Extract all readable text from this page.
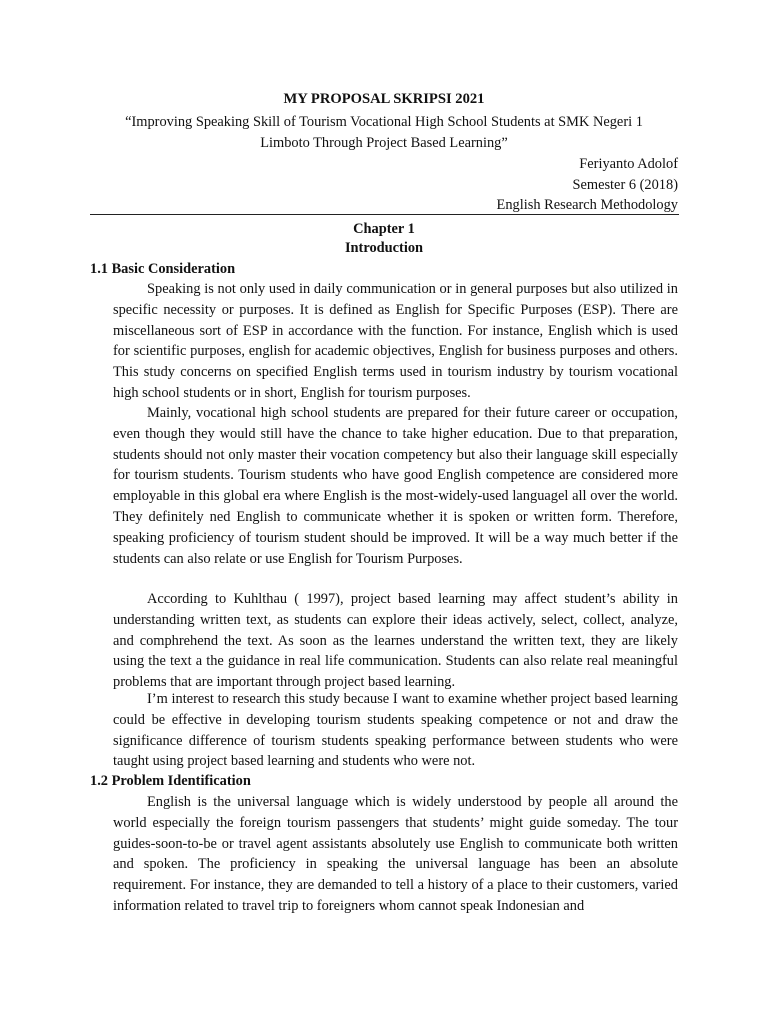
MY PROPOSAL SKRIPSI 2021
“Improving Speaking Skill of Tourism Vocational High School Students at SMK Negeri 1
Limboto Through Project Based Learning”
Feriyanto Adolof
Semester 6 (2018)
English Research Methodology
Chapter 1
Introduction
1.1 Basic Consideration

Speaking is not only used in daily communication or in general purposes but also utilized in specific necessity or purposes. It is defined as English for Specific Purposes (ESP). There are miscellaneous sort of ESP in accordance with the function. For instance, English which is used for scientific purposes, english for academic objectives, English for business purposes and others. This study concerns on specified English terms used in tourism industry by tourism vocational high school students or in short, English for tourism purposes.

Mainly, vocational high school students are prepared for their future career or occupation, even though they would still have the chance to take higher education. Due to that preparation, students should not only master their vocation competency but also their language skill especially for tourism students. Tourism students who have good English competence are considered more employable in this global era where English is the most-widely-used languagel all over the world. They definitely ned English to communicate whether it is spoken or written form. Therefore, speaking proficiency of tourism student should be improved. It will be a way much better if the students can also relate or use English for Tourism Purposes.

According to Kuhlthau ( 1997), project based learning may affect student’s ability in understanding written text, as students can explore their ideas actively, select, collect, analyze, and comphrehend the text. As soon as the learnes understand the written text, they are likely using the text a the guidance in real life communication. Students can also relate real meaningful problems that are important through project based learning.

I’m interest to research this study because I want to examine whether project based learning could be effective in developing tourism students speaking competence or not and draw the significance difference of tourism students speaking performance between students who were taught using project based learning and students who were not.

1.2 Problem Identification

English is the universal language which is widely understood by people all around the world especially the foreign tourism passengers that students’ might guide someday. The tour guides-soon-to-be or travel agent assistants absolutely use English to communicate both written and spoken. The proficiency in speaking the universal language has been an absolute requirement. For instance, they are demanded to tell a history of a place to their customers, varied information related to travel trip to foreigners whom cannot speak Indonesian and
